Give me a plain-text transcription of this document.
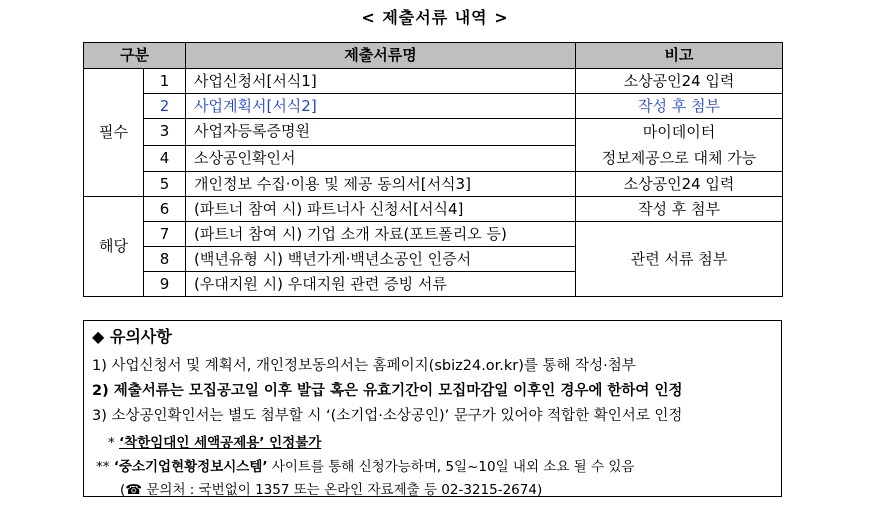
< 제출서류 내역 >
구분		제출서류명	비고
필수	1	사업신청서[서식1]	소상공인24 입력
	2	사업계획서[서식2]	작성 후 첨부
	3	사업자등록증명원	마이데이터
정보제공으로 대체 가능

	4	소상공인확인서	
	5	개인정보 수집·이용 및 제공 동의서[서식3]	소상공인24 입력
해당	6	(파트너 참여 시) 파트너사 신청서[서식4]	작성 후 첨부
	7	(파트너 참여 시) 기업 소개 자료(포트폴리오 등)	관련 서류 첨부
	8	(백년유형 시) 백년가게·백년소공인 인증서	
	9	(우대지원 시) 우대지원 관련 증빙 서류	
◆ 유의사항
1) 사업신청서 및 계획서, 개인정보동의서는 홈페이지(sbiz24.or.kr)를 통해 작성·첨부
2) 제출서류는 모집공고일 이후 발급 혹은 유효기간이 모집마감일 이후인 경우에 한하여 인정
3) 소상공인확인서는 별도 첨부할 시 ‘(소기업·소상공인)’ 문구가 있어야 적합한 확인서로 인정
* ‘착한임대인 세액공제용’ 인정불가
** ‘중소기업현황정보시스템’ 사이트를 통해 신청가능하며, 5일~10일 내외 소요 될 수 있음
(☎ 문의처 : 국번없이 1357 또는 온라인 자료제출 등 02-3215-2674)
